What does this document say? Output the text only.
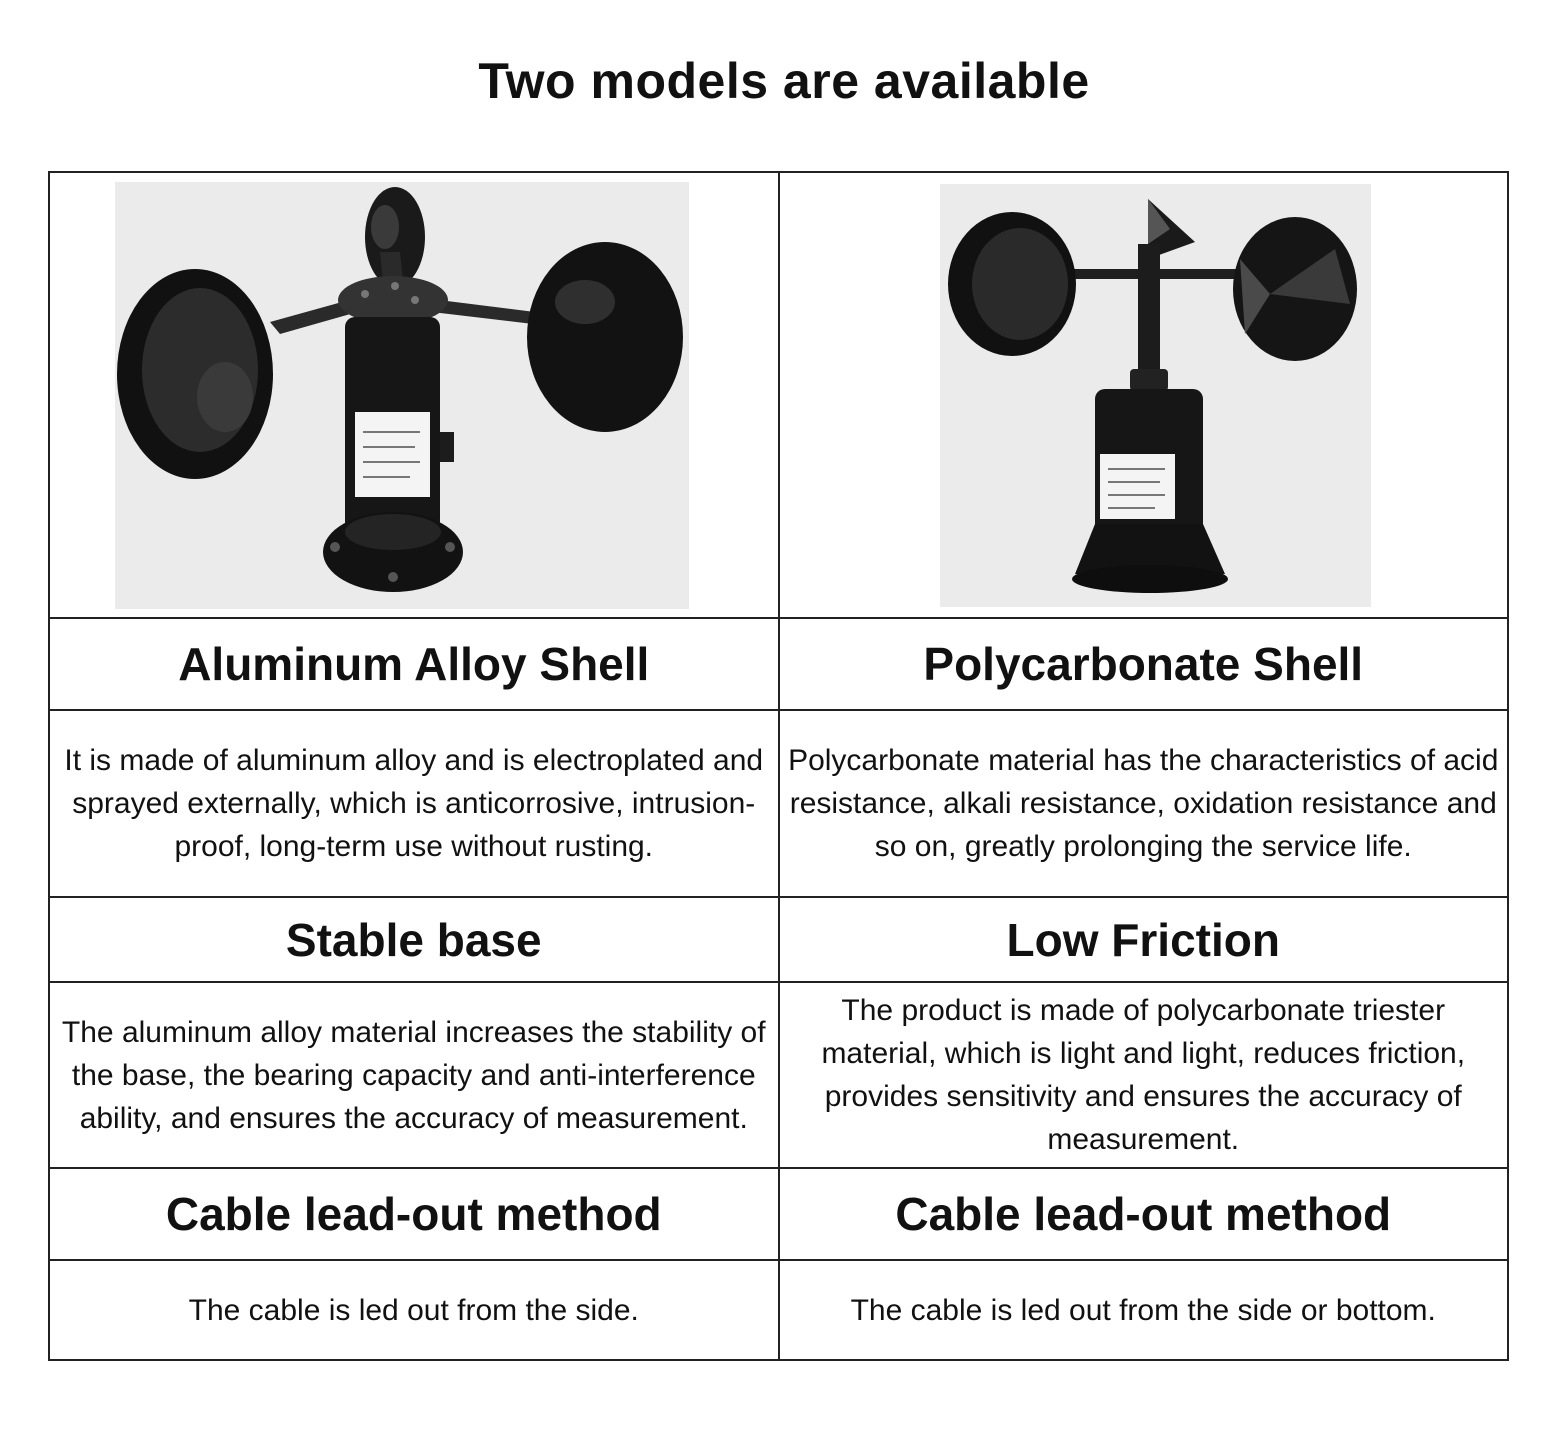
Two models are available

Aluminum Alloy Shell	Polycarbonate Shell
It is made of aluminum alloy and is electroplated and sprayed externally, which is anticorrosive, intrusion-proof, long-term use without rusting.	Polycarbonate material has the characteristics of acid resistance, alkali resistance, oxidation resistance and so on, greatly prolonging the service life.
Stable base	Low Friction
The aluminum alloy material increases the stability of the base, the bearing capacity and anti-interference ability, and ensures the accuracy of measurement.	The product is made of polycarbonate triester material, which is light and light, reduces friction, provides sensitivity and ensures the accuracy of measurement.
Cable lead-out method	Cable lead-out method
The cable is led out from the side.	The cable is led out from the side or bottom.
